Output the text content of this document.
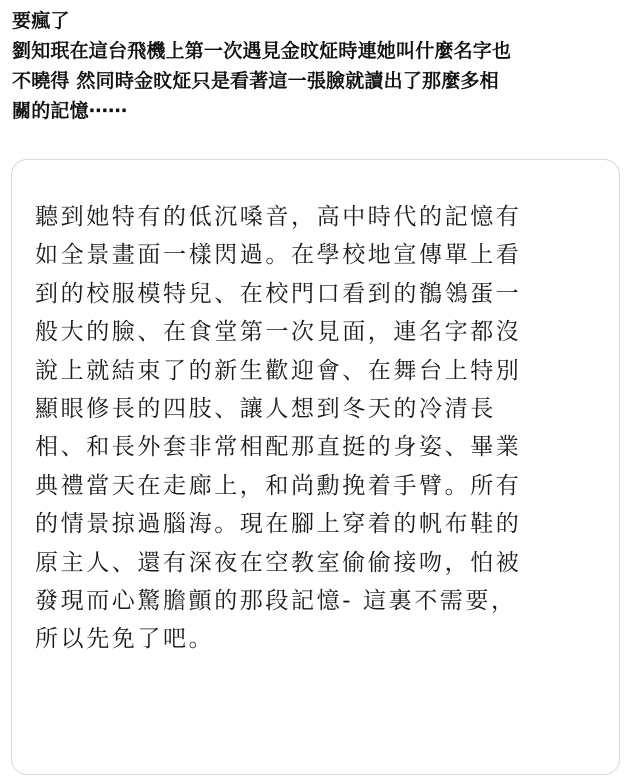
要瘋了
劉知珉在這台飛機上第一次遇見金旼炡時連她叫什麼名字也
不曉得 然同時金旼炡只是看著這一張臉就讀出了那麼多相
關的記憶⋯⋯
聽到她特有的低沉嗓音，高中時代的記憶有
如全景畫面一樣閃過。在學校地宣傳單上看
到的校服模特兒、在校門口看到的鶺鴒蛋一
般大的臉、在食堂第一次見面，連名字都沒
說上就結束了的新生歡迎會、在舞台上特別
顯眼修長的四肢、讓人想到冬天的冷清長
相、和長外套非常相配那直挺的身姿、畢業
典禮當天在走廊上，和尚勳挽着手臂。所有
的情景掠過腦海。現在腳上穿着的帆布鞋的
原主人、還有深夜在空教室偷偷接吻，怕被
發現而心驚膽顫的那段記憶- 這裏不需要，
所以先免了吧。
